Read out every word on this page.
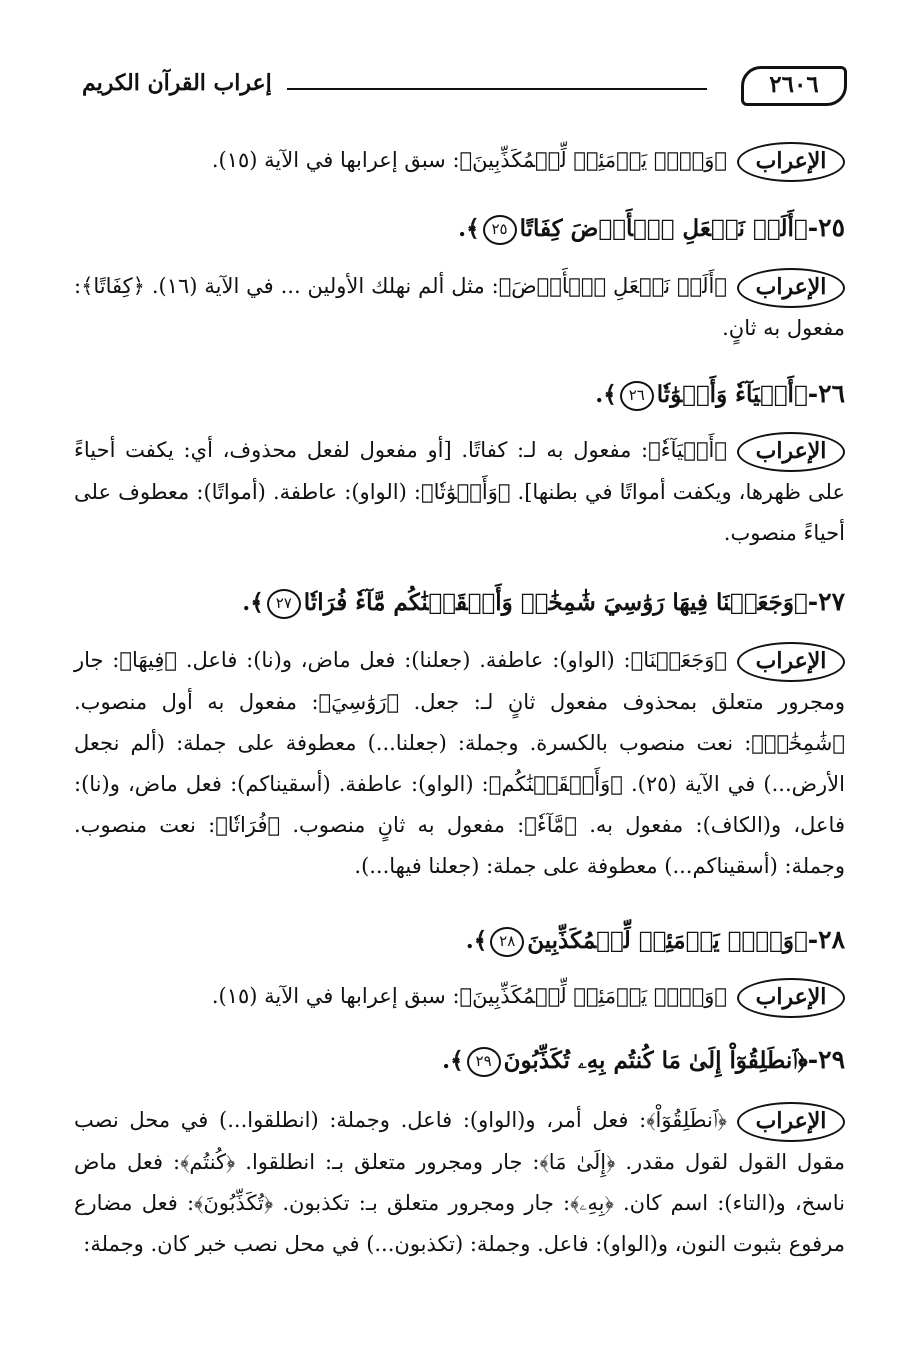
٢٦٠٦
إعراب القرآن الكريم
الإعراب﴿وَيۡلٞ يَوۡمَئِذٖ لِّلۡمُكَذِّبِينَ﴾: سبق إعرابها في الآية (١٥).
٢٥-﴿أَلَمۡ نَجۡعَلِ ٱلۡأَرۡضَ كِفَاتًا٢٥﴾.
الإعراب﴿أَلَمۡ نَجۡعَلِ ٱلۡأَرۡضَ﴾: مثل ألم نهلك الأولين ... في الآية (١٦). ﴿كِفَاتًا﴾: مفعول به ثانٍ.
٢٦-﴿أَحۡيَآءٗ وَأَمۡوَٰتٗا٢٦﴾.
الإعراب﴿أَحۡيَآءٗ﴾: مفعول به لـ: كفاتًا. [أو مفعول لفعل محذوف، أي: يكفت أحياءً على ظهرها، ويكفت أمواتًا في بطنها]. ﴿وَأَمۡوَٰتٗا﴾: (الواو): عاطفة. (أمواتًا): معطوف على أحياءً منصوب.
٢٧-﴿وَجَعَلۡنَا فِيهَا رَوَٰسِيَ شَٰمِخَٰتٖ وَأَسۡقَيۡنَٰكُم مَّآءٗ فُرَاتٗا٢٧﴾.
الإعراب﴿وَجَعَلۡنَا﴾: (الواو): عاطفة. (جعلنا): فعل ماض، و(نا): فاعل. ﴿فِيهَا﴾: جار ومجرور متعلق بمحذوف مفعول ثانٍ لـ: جعل. ﴿رَوَٰسِيَ﴾: مفعول به أول منصوب. ﴿شَٰمِخَٰتٖ﴾: نعت منصوب بالكسرة. وجملة: (جعلنا...) معطوفة على جملة: (ألم نجعل الأرض...) في الآية (٢٥). ﴿وَأَسۡقَيۡنَٰكُم﴾: (الواو): عاطفة. (أسقيناكم): فعل ماض، و(نا): فاعل، و(الكاف): مفعول به. ﴿مَّآءٗ﴾: مفعول به ثانٍ منصوب. ﴿فُرَاتٗا﴾: نعت منصوب. وجملة: (أسقيناكم...) معطوفة على جملة: (جعلنا فيها...).
٢٨-﴿وَيۡلٞ يَوۡمَئِذٖ لِّلۡمُكَذِّبِينَ٢٨﴾.
الإعراب﴿وَيۡلٞ يَوۡمَئِذٖ لِّلۡمُكَذِّبِينَ﴾: سبق إعرابها في الآية (١٥).
٢٩-﴿ٱنطَلِقُوٓاْ إِلَىٰ مَا كُنتُم بِهِۦ تُكَذِّبُونَ٢٩﴾.
الإعراب﴿ٱنطَلِقُوٓاْ﴾: فعل أمر، و(الواو): فاعل. وجملة: (انطلقوا...) في محل نصب مقول القول لقول مقدر. ﴿إِلَىٰ مَا﴾: جار ومجرور متعلق بـ: انطلقوا. ﴿كُنتُم﴾: فعل ماض ناسخ، و(التاء): اسم كان. ﴿بِهِۦ﴾: جار ومجرور متعلق بـ: تكذبون. ﴿تُكَذِّبُونَ﴾: فعل مضارع مرفوع بثبوت النون، و(الواو): فاعل. وجملة: (تكذبون...) في محل نصب خبر كان. وجملة:
